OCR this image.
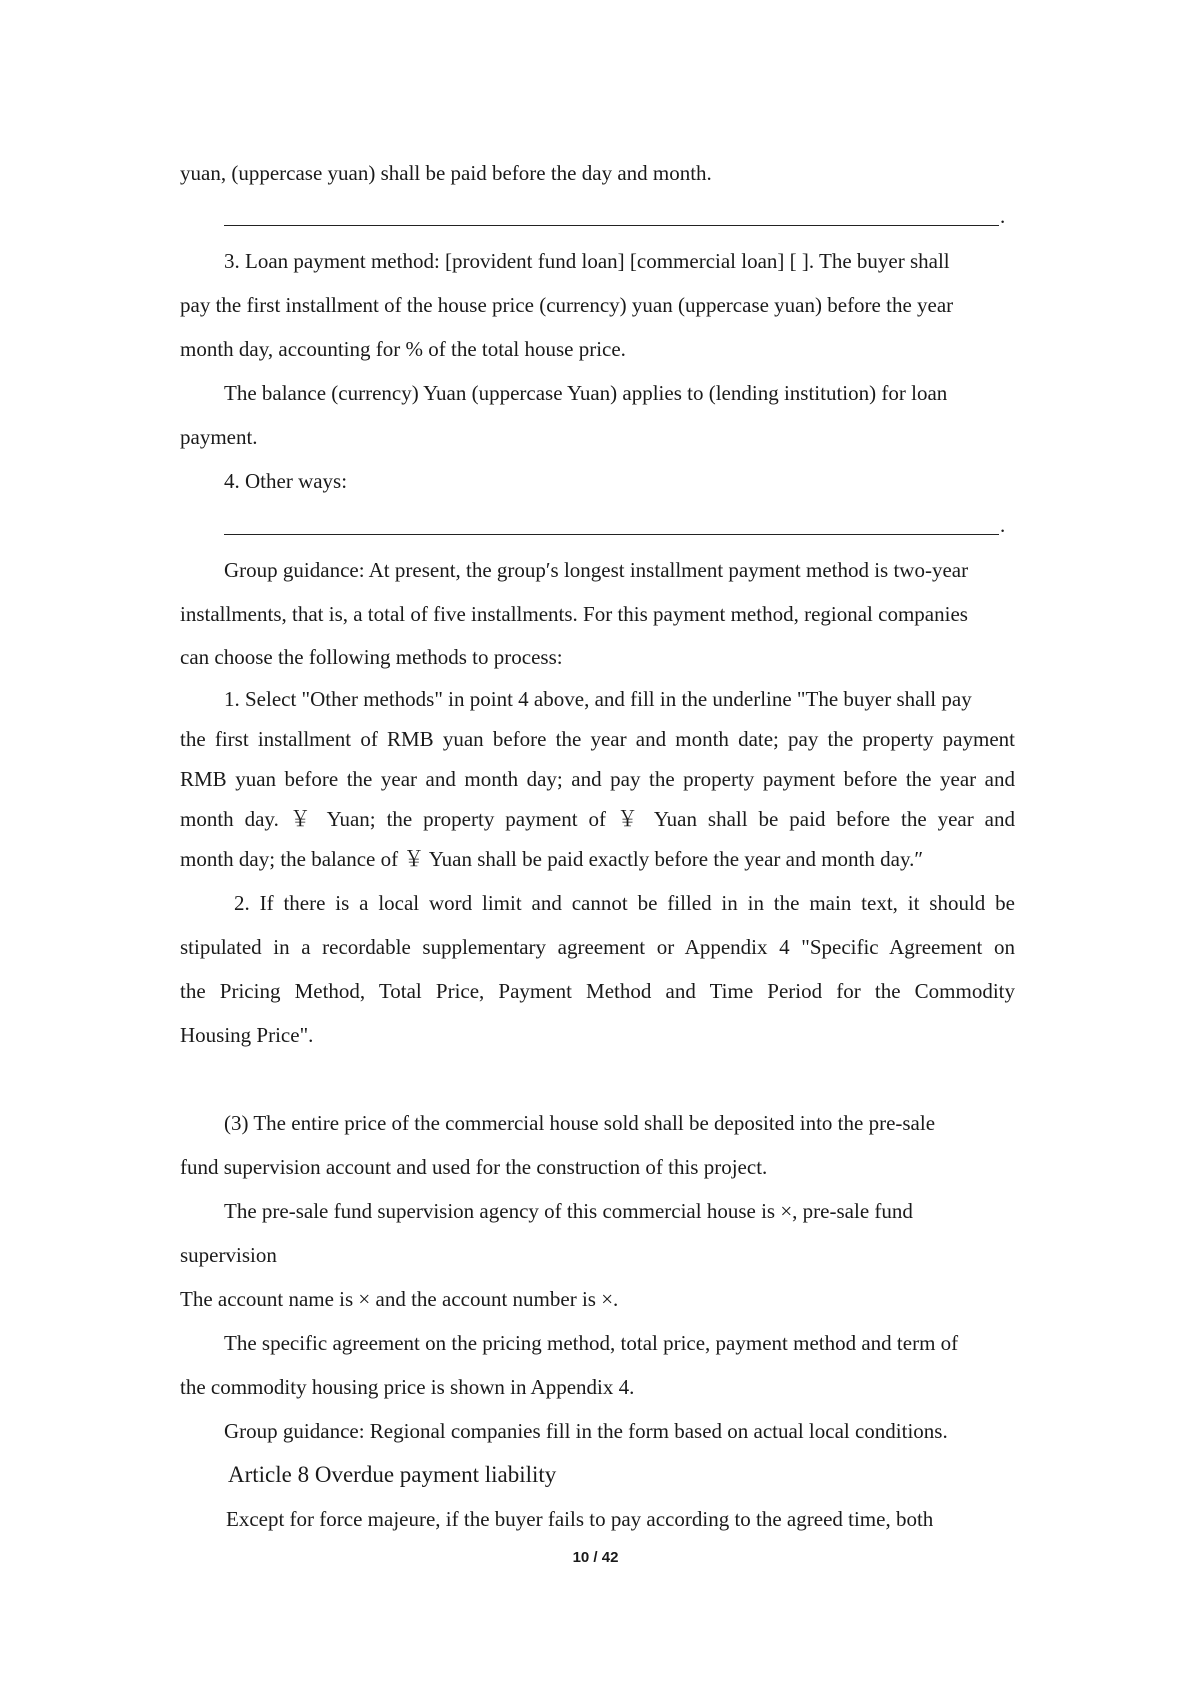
yuan, (uppercase yuan) shall be paid before the day and month.
.
3. Loan payment method: [provident fund loan] [commercial loan] [ ]. The buyer shall
pay the first installment of the house price (currency) yuan (uppercase yuan) before the year
month day, accounting for % of the total house price.
The balance (currency) Yuan (uppercase Yuan) applies to (lending institution) for loan
payment.
4. Other ways:
.
Group guidance: At present, the group′s longest installment payment method is two-year
installments, that is, a total of five installments. For this payment method, regional companies
can choose the following methods to process:
1. Select "Other methods" in point 4 above, and fill in the underline "The buyer shall pay
the first installment of RMB yuan before the year and month date; pay the property payment
RMB yuan before the year and month day; and pay the property payment before the year and
month day. ￥ Yuan; the property payment of ￥ Yuan shall be paid before the year and
month day; the balance of ￥ Yuan shall be paid exactly before the year and month day.″
2. If there is a local word limit and cannot be filled in in the main text, it should be
stipulated in a recordable supplementary agreement or Appendix 4 "Specific Agreement on
the Pricing Method, Total Price, Payment Method and Time Period for the Commodity
Housing Price".
(3) The entire price of the commercial house sold shall be deposited into the pre-sale
fund supervision account and used for the construction of this project.
The pre-sale fund supervision agency of this commercial house is ×, pre-sale fund
supervision
The account name is × and the account number is ×.
The specific agreement on the pricing method, total price, payment method and term of
the commodity housing price is shown in Appendix 4.
Group guidance: Regional companies fill in the form based on actual local conditions.
Article 8 Overdue payment liability
Except for force majeure, if the buyer fails to pay according to the agreed time, both
10 / 42
